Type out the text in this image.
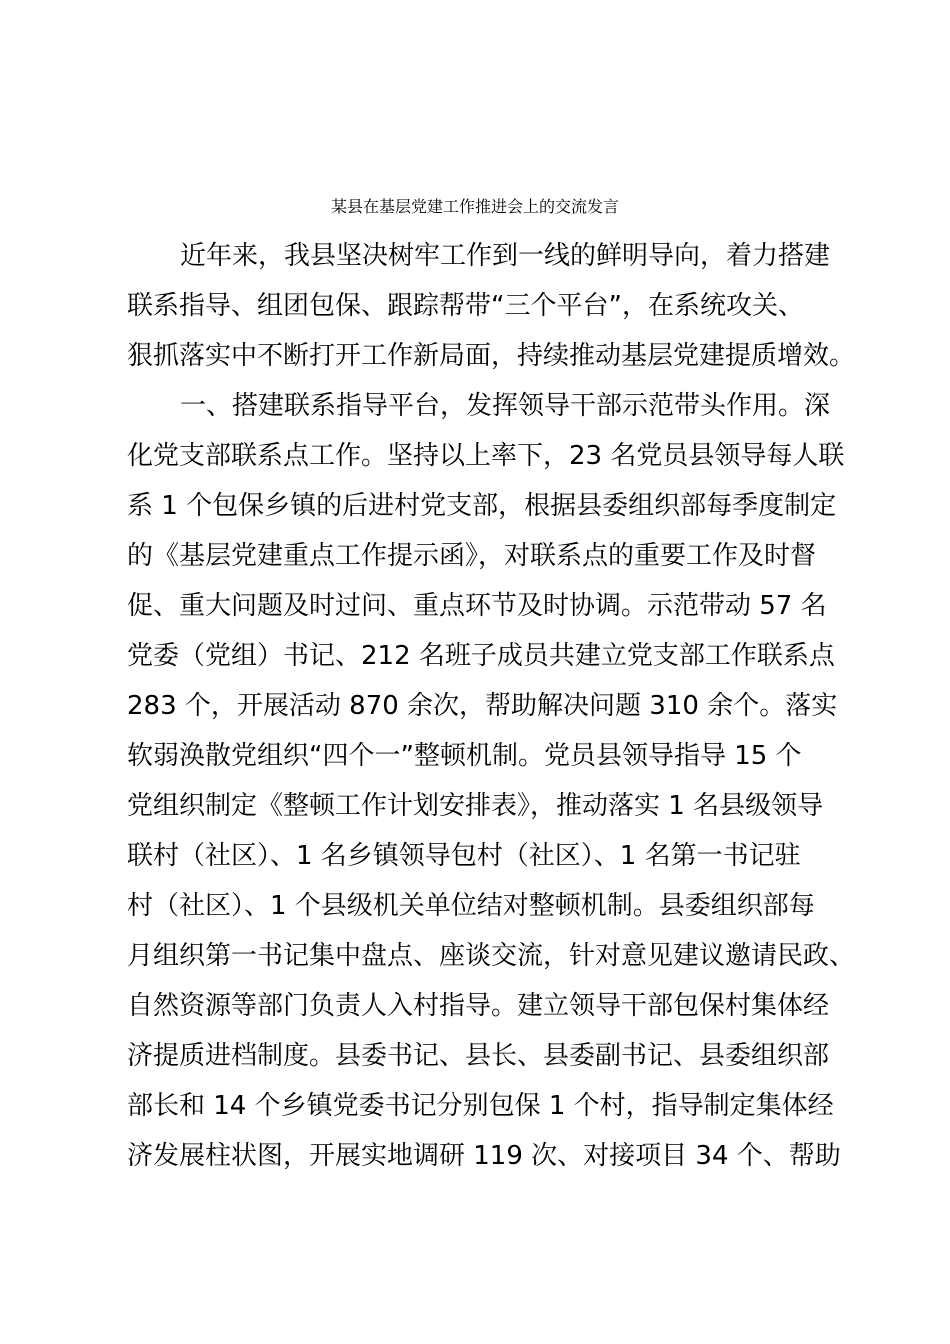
某县在基层党建工作推进会上的交流发言
近年来，我县坚决树牢工作到一线的鲜明导向，着力搭建
联系指导、组团包保、跟踪帮带“三个平台”，在系统攻关、
狠抓落实中不断打开工作新局面，持续推动基层党建提质增效。
一、搭建联系指导平台，发挥领导干部示范带头作用。深
化党支部联系点工作。坚持以上率下，23 名党员县领导每人联
系 1 个包保乡镇的后进村党支部，根据县委组织部每季度制定
的《基层党建重点工作提示函》，对联系点的重要工作及时督
促、重大问题及时过问、重点环节及时协调。示范带动 57 名
党委（党组）书记、212 名班子成员共建立党支部工作联系点
283 个，开展活动 870 余次，帮助解决问题 310 余个。落实
软弱涣散党组织“四个一”整顿机制。党员县领导指导 15 个
党组织制定《整顿工作计划安排表》，推动落实 1 名县级领导
联村（社区）、1 名乡镇领导包村（社区）、1 名第一书记驻
村（社区）、1 个县级机关单位结对整顿机制。县委组织部每
月组织第一书记集中盘点、座谈交流，针对意见建议邀请民政、
自然资源等部门负责人入村指导。建立领导干部包保村集体经
济提质进档制度。县委书记、县长、县委副书记、县委组织部
部长和 14 个乡镇党委书记分别包保 1 个村，指导制定集体经
济发展柱状图，开展实地调研 119 次、对接项目 34 个、帮助
